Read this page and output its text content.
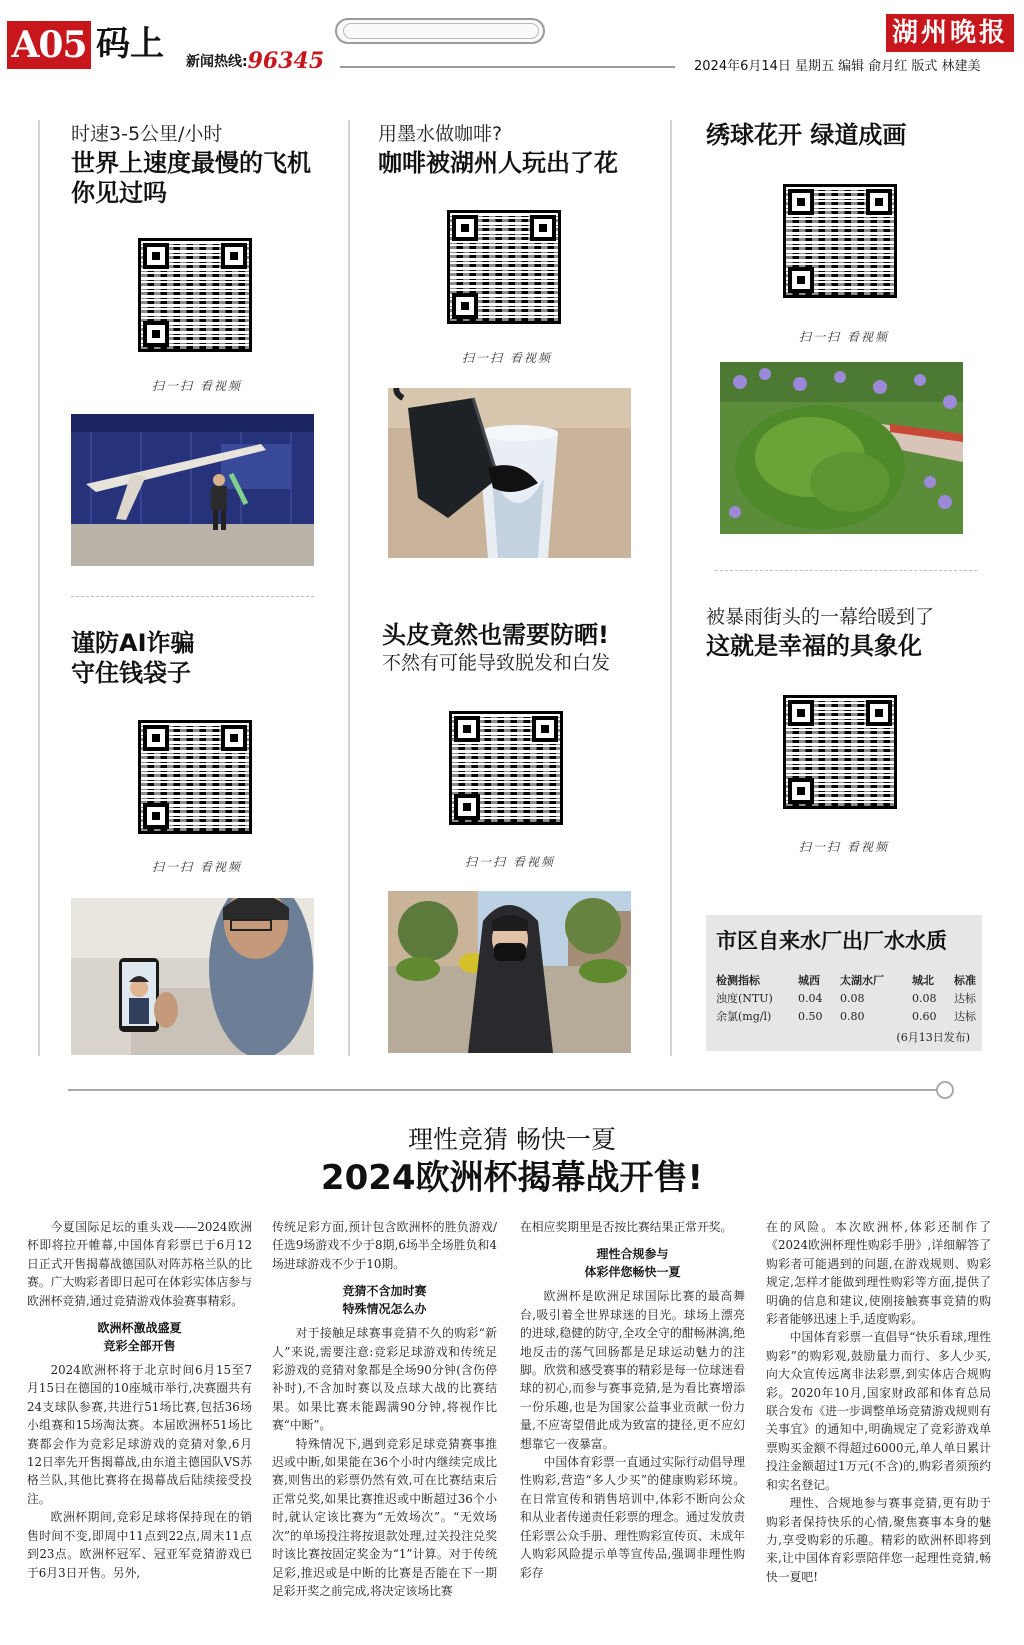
A05 码上 新闻热线:96345
湖州晚报
2024年6月14日 星期五 编辑 俞月红 版式 林建美
时速3-5公里/小时
世界上速度最慢的飞机
你见过吗
扫一扫 看视频
谨防AI诈骗
守住钱袋子
扫一扫 看视频
用墨水做咖啡?
咖啡被湖州人玩出了花
扫一扫 看视频
头皮竟然也需要防晒!
不然有可能导致脱发和白发
扫一扫 看视频
绣球花开 绿道成画
扫一扫 看视频
被暴雨街头的一幕给暖到了
这就是幸福的具象化
扫一扫 看视频
市区自来水厂出厂水水质
检测指标	城西	太湖水厂	城北	标准
浊度(NTU)	0.04	0.08	0.08	达标
余氯(mg/l)	0.50	0.80	0.60	达标
(6月13日发布)
理性竞猜 畅快一夏
2024欧洲杯揭幕战开售!

今夏国际足坛的重头戏——2024欧洲杯即将拉开帷幕,中国体育彩票已于6月12日正式开售揭幕战德国队对阵苏格兰队的比赛。广大购彩者即日起可在体彩实体店参与欧洲杯竞猜,通过竞猜游戏体验赛事精彩。

欧洲杯激战盛夏
竞彩全部开售

2024欧洲杯将于北京时间6月15至7月15日在德国的10座城市举行,决赛圈共有24支球队参赛,共进行51场比赛,包括36场小组赛和15场淘汰赛。本届欧洲杯51场比赛都会作为竞彩足球游戏的竞猜对象,6月12日率先开售揭幕战,由东道主德国队VS苏格兰队,其他比赛将在揭幕战后陆续接受投注。

欧洲杯期间,竞彩足球将保持现在的销售时间不变,即周中11点到22点,周末11点到23点。欧洲杯冠军、冠亚军竞猜游戏已于6月3日开售。另外,

传统足彩方面,预计包含欧洲杯的胜负游戏/任选9场游戏不少于8期,6场半全场胜负和4场进球游戏不少于10期。

竞猜不含加时赛
特殊情况怎么办

对于接触足球赛事竞猜不久的购彩“新人”来说,需要注意:竞彩足球游戏和传统足彩游戏的竞猜对象都是全场90分钟(含伤停补时),不含加时赛以及点球大战的比赛结果。如果比赛未能踢满90分钟,将视作比赛“中断”。

特殊情况下,遇到竞彩足球竞猜赛事推迟或中断,如果能在36个小时内继续完成比赛,则售出的彩票仍然有效,可在比赛结束后正常兑奖,如果比赛推迟或中断超过36个小时,就认定该比赛为“无效场次”。“无效场次”的单场投注将按退款处理,过关投注兑奖时该比赛按固定奖金为“1”计算。对于传统足彩,推迟或是中断的比赛是否能在下一期足彩开奖之前完成,将决定该场比赛

在相应奖期里是否按比赛结果正常开奖。

理性合规参与
体彩伴您畅快一夏

欧洲杯是欧洲足球国际比赛的最高舞台,吸引着全世界球迷的目光。球场上漂亮的进球,稳健的防守,全攻全守的酣畅淋漓,绝地反击的荡气回肠都是足球运动魅力的注脚。欣赏和感受赛事的精彩是每一位球迷看球的初心,而参与赛事竞猜,是为看比赛增添一份乐趣,也是为国家公益事业贡献一份力量,不应寄望借此成为致富的捷径,更不应幻想靠它一夜暴富。

中国体育彩票一直通过实际行动倡导理性购彩,营造“多人少买”的健康购彩环境。在日常宣传和销售培训中,体彩不断向公众和从业者传递责任彩票的理念。通过发放责任彩票公众手册、理性购彩宣传页、未成年人购彩风险提示单等宣传品,强调非理性购彩存

在的风险。本次欧洲杯,体彩还制作了《2024欧洲杯理性购彩手册》,详细解答了购彩者可能遇到的问题,在游戏规则、购彩规定,怎样才能做到理性购彩等方面,提供了明确的信息和建议,使刚接触赛事竞猜的购彩者能够迅速上手,适度购彩。

中国体育彩票一直倡导“快乐看球,理性购彩”的购彩观,鼓励量力而行、多人少买,向大众宣传远离非法彩票,到实体店合规购彩。2020年10月,国家财政部和体育总局联合发布《进一步调整单场竞猜游戏规则有关事宜》的通知中,明确规定了竞彩游戏单票购买金额不得超过6000元,单人单日累计投注金额超过1万元(不含)的,购彩者须预约和实名登记。

理性、合规地参与赛事竞猜,更有助于购彩者保持快乐的心情,聚焦赛事本身的魅力,享受购彩的乐趣。精彩的欧洲杯即将到来,让中国体育彩票陪伴您一起理性竞猜,畅快一夏吧!
